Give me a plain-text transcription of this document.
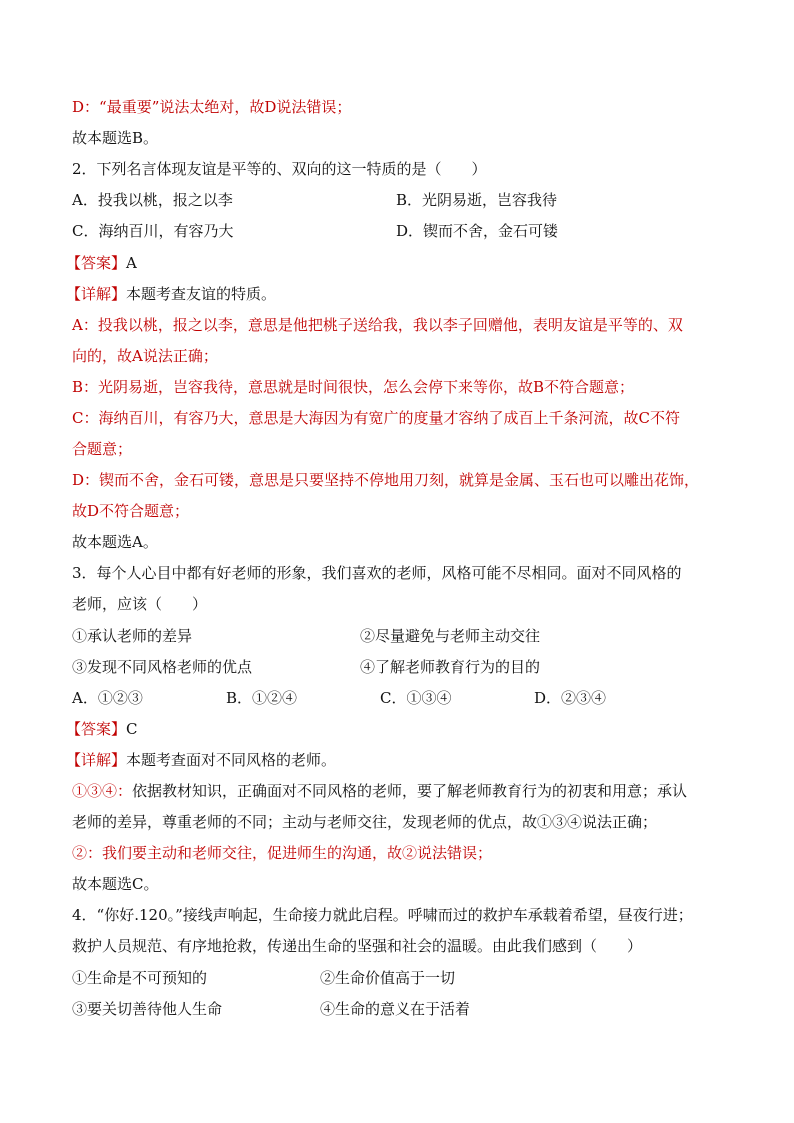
D：“最重要”说法太绝对，故D说法错误；
故本题选B。
2．下列名言体现友谊是平等的、双向的这一特质的是（　　）
A．投我以桃，报之以李	B．光阴易逝，岂容我待
C．海纳百川，有容乃大	D．锲而不舍，金石可镂
【答案】A
【详解】本题考查友谊的特质。
A：投我以桃，报之以李，意思是他把桃子送给我，我以李子回赠他，表明友谊是平等的、双
向的，故A说法正确；
B：光阴易逝，岂容我待，意思就是时间很快，怎么会停下来等你，故B不符合题意；
C：海纳百川，有容乃大，意思是大海因为有宽广的度量才容纳了成百上千条河流，故C不符
合题意；
D：锲而不舍，金石可镂，意思是只要坚持不停地用刀刻，就算是金属、玉石也可以雕出花饰，
故D不符合题意；
故本题选A。
3．每个人心目中都有好老师的形象，我们喜欢的老师，风格可能不尽相同。面对不同风格的
老师，应该（　　）
①承认老师的差异	②尽量避免与老师主动交往
③发现不同风格老师的优点	④了解老师教育行为的目的
A．①②③	B．①②④	C．①③④	D．②③④
【答案】C
【详解】本题考查面对不同风格的老师。
①③④：依据教材知识，正确面对不同风格的老师，要了解老师教育行为的初衷和用意；承认
老师的差异，尊重老师的不同；主动与老师交往，发现老师的优点，故①③④说法正确；
②：我们要主动和老师交往，促进师生的沟通，故②说法错误；
故本题选C。
4．“你好.120。”接线声响起，生命接力就此启程。呼啸而过的救护车承载着希望，昼夜行进；
救护人员规范、有序地抢救，传递出生命的坚强和社会的温暖。由此我们感到（　　）
①生命是不可预知的	②生命价值高于一切
③要关切善待他人生命	④生命的意义在于活着
